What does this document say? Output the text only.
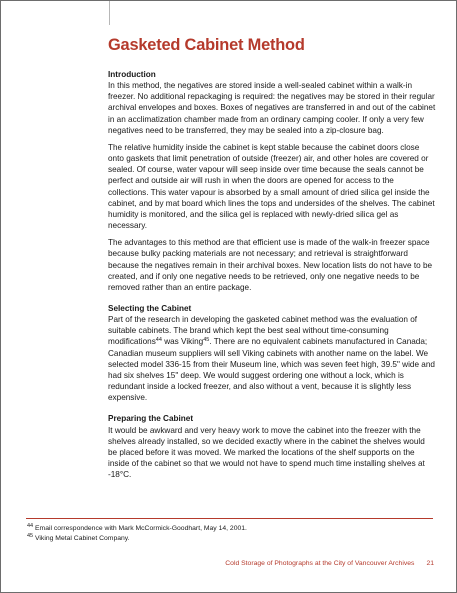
Gasketed Cabinet Method
Introduction

In this method, the negatives are stored inside a well-sealed cabinet within a walk-in freezer. No additional repackaging is required: the negatives may be stored in their regular archival envelopes and boxes. Boxes of negatives are transferred in and out of the cabinet in an acclimatization chamber made from an ordinary camping cooler. If only a very few negatives need to be transferred, they may be sealed into a zip-closure bag.

The relative humidity inside the cabinet is kept stable because the cabinet doors close onto gaskets that limit penetration of outside (freezer) air, and other holes are covered or sealed. Of course, water vapour will seep inside over time because the seals cannot be perfect and outside air will rush in when the doors are opened for access to the collections. This water vapour is absorbed by a small amount of dried silica gel inside the cabinet, and by mat board which lines the tops and undersides of the shelves. The cabinet humidity is monitored, and the silica gel is replaced with newly-dried silica gel as necessary.

The advantages to this method are that efficient use is made of the walk-in freezer space because bulky packing materials are not necessary; and retrieval is straightforward because the negatives remain in their archival boxes. New location lists do not have to be created, and if only one negative needs to be retrieved, only one negative needs to be removed rather than an entire package.

Selecting the Cabinet

Part of the research in developing the gasketed cabinet method was the evaluation of suitable cabinets. The brand which kept the best seal without time-consuming modifications$^{44}$ was Viking$^{45}$. There are no equivalent cabinets manufactured in Canada; Canadian museum suppliers will sell Viking cabinets with another name on the label. We selected model 336-15 from their Museum line, which was seven feet high, 39.5" wide and had six shelves 15" deep. We would suggest ordering one without a lock, which is redundant inside a locked freezer, and also without a vent, because it is slightly less expensive.

Preparing the Cabinet

It would be awkward and very heavy work to move the cabinet into the freezer with the shelves already installed, so we decided exactly where in the cabinet the shelves would be placed before it was moved. We marked the locations of the shelf supports on the inside of the cabinet so that we would not have to spend much time installing shelves at -18°C.

$^{44}$ Email correspondence with Mark McCormick-Goodhart, May 14, 2001.
$^{45}$ Viking Metal Cabinet Company.
Cold Storage of Photographs at the City of Vancouver Archives 21
